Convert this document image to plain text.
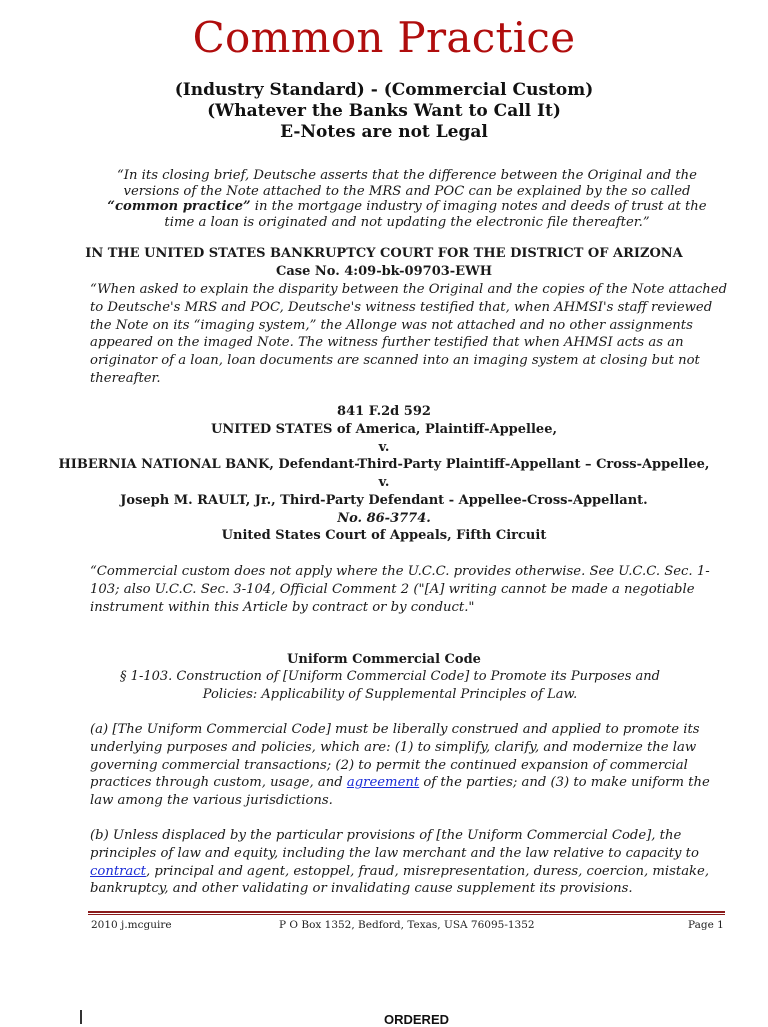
Common Practice
(Industry Standard) - (Commercial Custom)
(Whatever the Banks Want to Call It)
E-Notes are not Legal
“In its closing brief, Deutsche asserts that the difference between the Original and the versions of the Note attached to the MRS and POC can be explained by the so called “common practice” in the mortgage industry of imaging notes and deeds of trust at the time a loan is originated and not updating the electronic file thereafter.”
IN THE UNITED STATES BANKRUPTCY COURT FOR THE DISTRICT OF ARIZONA
Case No. 4:09-bk-09703-EWH
“When asked to explain the disparity between the Original and the copies of the Note attached to Deutsche's MRS and POC, Deutsche's witness testified that, when AHMSI's staff reviewed the Note on its “imaging system,” the Allonge was not attached and no other assignments appeared on the imaged Note. The witness further testified that when AHMSI acts as an originator of a loan, loan documents are scanned into an imaging system at closing but not thereafter.
841 F.2d 592
UNITED STATES of America, Plaintiff-Appellee,
v.
HIBERNIA NATIONAL BANK, Defendant-Third-Party Plaintiff-Appellant – Cross-Appellee,
v.
Joseph M. RAULT, Jr., Third-Party Defendant - Appellee-Cross-Appellant.
No. 86-3774.
United States Court of Appeals, Fifth Circuit
“Commercial custom does not apply where the U.C.C. provides otherwise. See U.C.C. Sec. 1-103; also U.C.C. Sec. 3-104, Official Comment 2 ("[A] writing cannot be made a negotiable instrument within this Article by contract or by conduct."
Uniform Commercial Code
§ 1-103. Construction of [Uniform Commercial Code] to Promote its Purposes and Policies: Applicability of Supplemental Principles of Law.
(a) [The Uniform Commercial Code] must be liberally construed and applied to promote its underlying purposes and policies, which are: (1) to simplify, clarify, and modernize the law governing commercial transactions; (2) to permit the continued expansion of commercial practices through custom, usage, and agreement of the parties; and (3) to make uniform the law among the various jurisdictions.
(b) Unless displaced by the particular provisions of [the Uniform Commercial Code], the principles of law and equity, including the law merchant and the law relative to capacity to contract, principal and agent, estoppel, fraud, misrepresentation, duress, coercion, mistake, bankruptcy, and other validating or invalidating cause supplement its provisions.
2010 j.mcguire	P O Box 1352, Bedford, Texas, USA 76095-1352	Page 1
ORDERED
